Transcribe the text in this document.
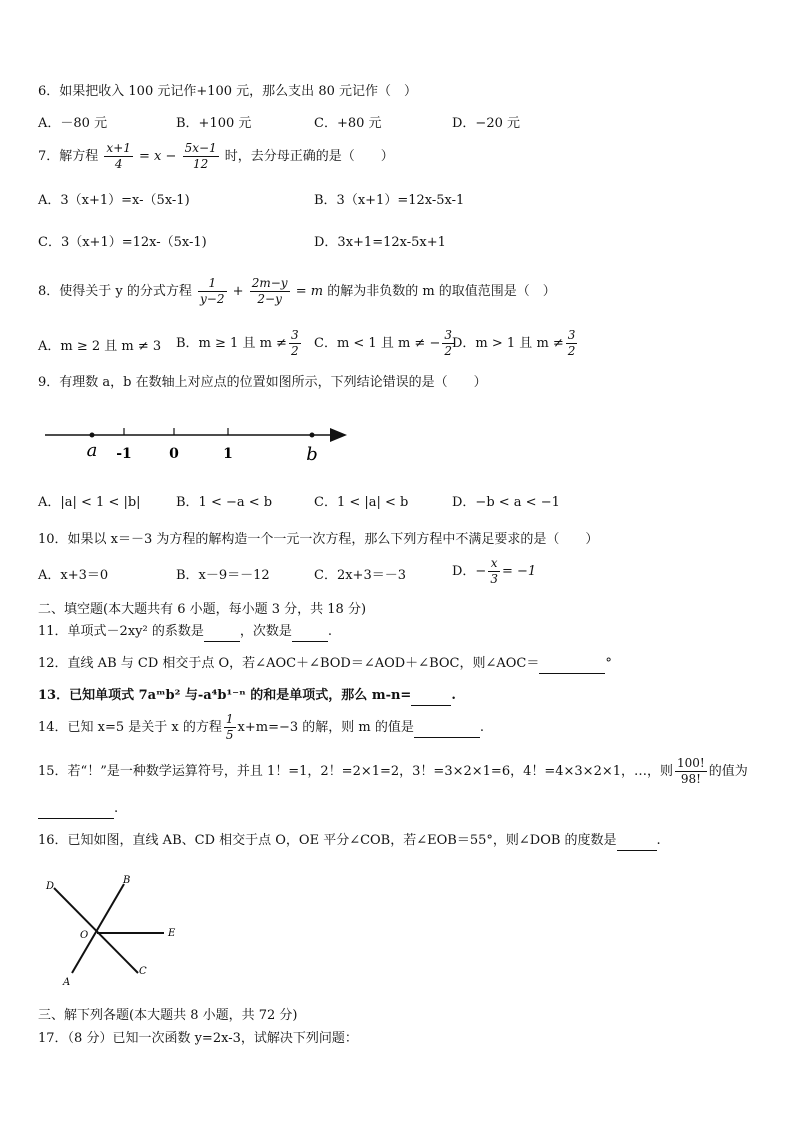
6．如果把收入 100 元记作+100 元，那么支出 80 元记作（　）
A．－80 元	B．+100 元	C．+80 元	D．−20 元
7．解方程 $\frac{x+1}{4} = x - \frac{5x-1}{12}$ 时，去分母正确的是（　　）
A．3（x+1）=x-（5x-1)	B．3（x+1）=12x-5x-1
C．3（x+1）=12x-（5x-1)	D．3x+1=12x-5x+1
8．使得关于 y 的分式方程 $\frac{1}{y-2} + \frac{2m-y}{2-y} = m$ 的解为非负数的 m 的取值范围是（　）
A．m ≥ 2 且 m ≠ 3 B．m ≥ 1 且 $m \ne \frac{3}{2}$ C．m < 1 且 m ≠ − $\frac{3}{2}$
D．m > 1 且 $m \ne \frac{3}{2}$
9．有理数 a，b 在数轴上对应点的位置如图所示，下列结论错误的是（　　）
a -1	0	1	b
A．|a| < 1 < |b|	B．1 < −a < b	C．1 < |a| < b	D．−b < a < −1
10．如果以 x＝－3 为方程的解构造一个一元一次方程，那么下列方程中不满足要求的是（　　）
A．x+3＝0	B．x－9＝－12	C．2x+3＝－3	D．− $\frac{x}{3} = -1$
二、填空题(本大题共有 6 小题，每小题 3 分，共 18 分)
11．单项式－2xy² 的系数是	，次数是	.
12．直线 AB 与 CD 相交于点 O，若∠AOC＋∠BOD＝∠AOD＋∠BOC，则∠AOC＝	°
13．已知单项式 7aᵐb² 与-a⁴b¹⁻ⁿ 的和是单项式，那么 m-n=	.
14．已知 x=5 是关于 x 的方程 $\frac{1}{5} x+m=-3$ 的解，则 m 的值是	.
15．若“！”是一种数学运算符号，并且 1！=1，2！=2×1=2，3！=3×2×1=6，4！=4×3×2×1，…，则 $\frac{100!}{98!}$ 的值为
.
16．已知如图，直线 AB、CD 相交于点 O，OE 平分∠COB，若∠EOB＝55°，则∠DOB 的度数是	.
D
B
O	E
A
C
三、解下列各题(本大题共 8 小题，共 72 分)
17．（8 分）已知一次函数 y=2x-3，试解决下列问题：
